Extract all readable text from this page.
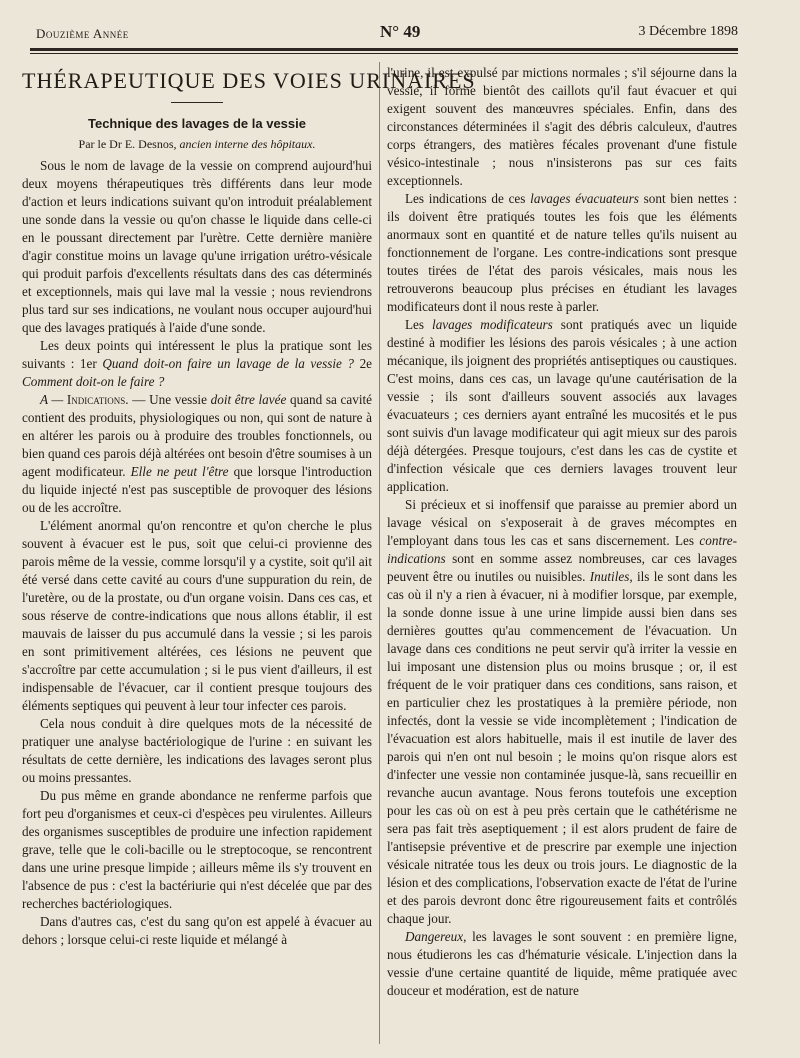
Douzième Année	N° 49	3 Décembre 1898
THÉRAPEUTIQUE DES VOIES URINAIRES
Technique des lavages de la vessie
Par le Dr E. Desnos, ancien interne des hôpitaux.

Sous le nom de lavage de la vessie on comprend aujourd'hui deux moyens thérapeutiques très différents dans leur mode d'action et leurs indications suivant qu'on introduit préalablement une sonde dans la vessie ou qu'on chasse le liquide dans celle-ci en le poussant directement par l'urètre. Cette dernière manière d'agir constitue moins un lavage qu'une irrigation urétro-vésicale qui produit parfois d'excellents résultats dans des cas déterminés et exceptionnels, mais qui lave mal la vessie ; nous reviendrons plus tard sur ses indications, ne voulant nous occuper aujourd'hui que des lavages pratiqués à l'aide d'une sonde.

Les deux points qui intéressent le plus la pratique sont les suivants : 1er Quand doit-on faire un lavage de la vessie ? 2e Comment doit-on le faire ?

A — Indications. — Une vessie doit être lavée quand sa cavité contient des produits, physiologiques ou non, qui sont de nature à en altérer les parois ou à produire des troubles fonctionnels, ou bien quand ces parois déjà altérées ont besoin d'être soumises à un agent modificateur. Elle ne peut l'être que lorsque l'introduction du liquide injecté n'est pas susceptible de provoquer des lésions ou de les accroître.

L'élément anormal qu'on rencontre et qu'on cherche le plus souvent à évacuer est le pus, soit que celui-ci provienne des parois même de la vessie, comme lorsqu'il y a cystite, soit qu'il ait été versé dans cette cavité au cours d'une suppuration du rein, de l'uretère, ou de la prostate, ou d'un organe voisin. Dans ces cas, et sous réserve de contre-indications que nous allons établir, il est mauvais de laisser du pus accumulé dans la vessie ; si les parois en sont primitivement altérées, ces lésions ne peuvent que s'accroître par cette accumulation ; si le pus vient d'ailleurs, il est indispensable de l'évacuer, car il contient presque toujours des éléments septiques qui peuvent à leur tour infecter ces parois.

Cela nous conduit à dire quelques mots de la nécessité de pratiquer une analyse bactériologique de l'urine : en suivant les résultats de cette dernière, les indications des lavages seront plus ou moins pressantes.

Du pus même en grande abondance ne renferme parfois que fort peu d'organismes et ceux-ci d'espèces peu virulentes. Ailleurs des organismes susceptibles de produire une infection rapidement grave, telle que le coli-bacille ou le streptocoque, se rencontrent dans une urine presque limpide ; ailleurs même ils s'y trouvent en l'absence de pus : c'est la bactériurie qui n'est décelée que par des recherches bactériologiques.

Dans d'autres cas, c'est du sang qu'on est appelé à évacuer au dehors ; lorsque celui-ci reste liquide et mélangé à

l'urine, il est expulsé par mictions normales ; s'il séjourne dans la vessie, il forme bientôt des caillots qu'il faut évacuer et qui exigent souvent des manœuvres spéciales. Enfin, dans des circonstances déterminées il s'agit des débris calculeux, d'autres corps étrangers, des matières fécales provenant d'une fistule vésico-intestinale ; nous n'insisterons pas sur ces faits exceptionnels.

Les indications de ces lavages évacuateurs sont bien nettes : ils doivent être pratiqués toutes les fois que les éléments anormaux sont en quantité et de nature telles qu'ils nuisent au fonctionnement de l'organe. Les contre-indications sont presque toutes tirées de l'état des parois vésicales, mais nous les retrouverons beaucoup plus précises en étudiant les lavages modificateurs dont il nous reste à parler.

Les lavages modificateurs sont pratiqués avec un liquide destiné à modifier les lésions des parois vésicales ; à une action mécanique, ils joignent des propriétés antiseptiques ou caustiques. C'est moins, dans ces cas, un lavage qu'une cautérisation de la vessie ; ils sont d'ailleurs souvent associés aux lavages évacuateurs ; ces derniers ayant entraîné les mucosités et le pus sont suivis d'un lavage modificateur qui agit mieux sur des parois déjà détergées. Presque toujours, c'est dans les cas de cystite et d'infection vésicale que ces derniers lavages trouvent leur application.

Si précieux et si inoffensif que paraisse au premier abord un lavage vésical on s'exposerait à de graves mécomptes en l'employant dans tous les cas et sans discernement. Les contre-indications sont en somme assez nombreuses, car ces lavages peuvent être ou inutiles ou nuisibles. Inutiles, ils le sont dans les cas où il n'y a rien à évacuer, ni à modifier lorsque, par exemple, la sonde donne issue à une urine limpide aussi bien dans ses dernières gouttes qu'au commencement de l'évacuation. Un lavage dans ces conditions ne peut servir qu'à irriter la vessie en lui imposant une distension plus ou moins brusque ; or, il est fréquent de le voir pratiquer dans ces conditions, sans raison, et en particulier chez les prostatiques à la première période, non infectés, dont la vessie se vide incomplètement ; l'indication de l'évacuation est alors habituelle, mais il est inutile de laver des parois qui n'en ont nul besoin ; le moins qu'on risque alors est d'infecter une vessie non contaminée jusque-là, sans recueillir en revanche aucun avantage. Nous ferons toutefois une exception pour les cas où on est à peu près certain que le cathétérisme ne sera pas fait très aseptiquement ; il est alors prudent de faire de l'antisepsie préventive et de prescrire par exemple une injection vésicale nitratée tous les deux ou trois jours. Le diagnostic de la lésion et des complications, l'observation exacte de l'état de l'urine et des parois devront donc être rigoureusement faits et contrôlés chaque jour.

Dangereux, les lavages le sont souvent : en première ligne, nous étudierons les cas d'hématurie vésicale. L'injection dans la vessie d'une certaine quantité de liquide, même pratiquée avec douceur et modération, est de nature
